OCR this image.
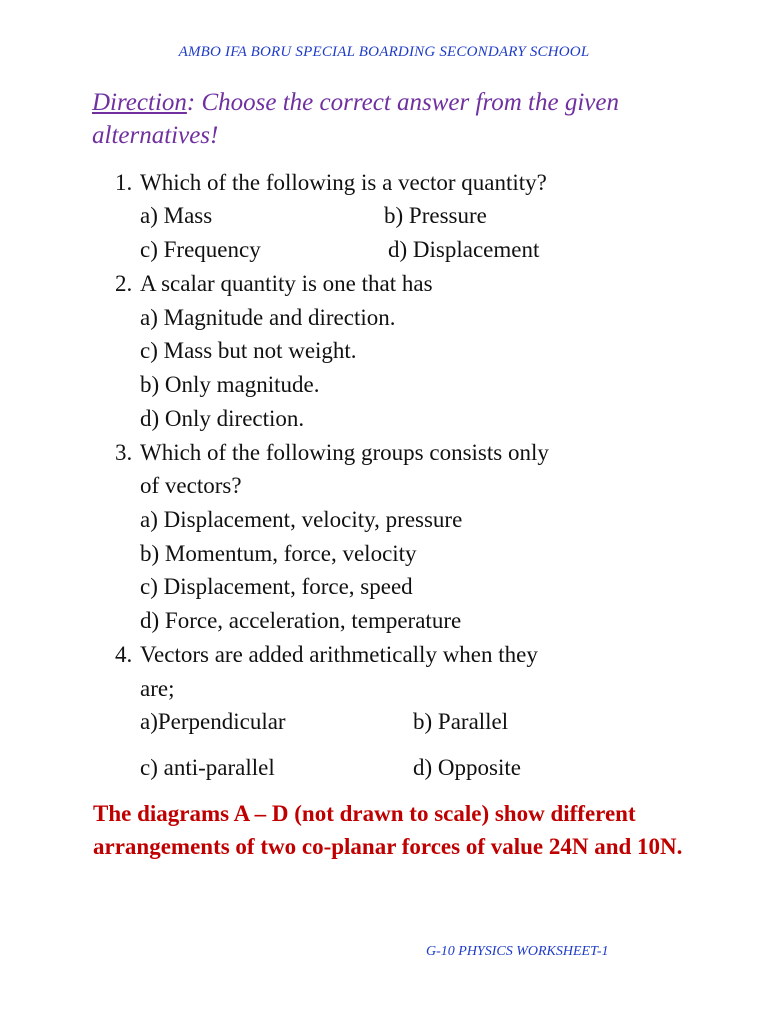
AMBO IFA BORU SPECIAL BOARDING SECONDARY SCHOOL
Direction: Choose the correct answer from the given alternatives!
1. Which of the following is a vector quantity?
a) Mass	b) Pressure
c) Frequency	d) Displacement
2. A scalar quantity is one that has
a) Magnitude and direction.
c) Mass but not weight.
b) Only magnitude.
d) Only direction.
3. Which of the following groups consists only
of vectors?
a) Displacement, velocity, pressure
b) Momentum, force, velocity
c) Displacement, force, speed
d) Force, acceleration, temperature
4. Vectors are added arithmetically when they
are;
a)Perpendicular	b) Parallel
c) anti-parallel	d) Opposite
The diagrams A – D (not drawn to scale) show different arrangements of two co-planar forces of value 24N and 10N.
G-10 PHYSICS WORKSHEET-1
